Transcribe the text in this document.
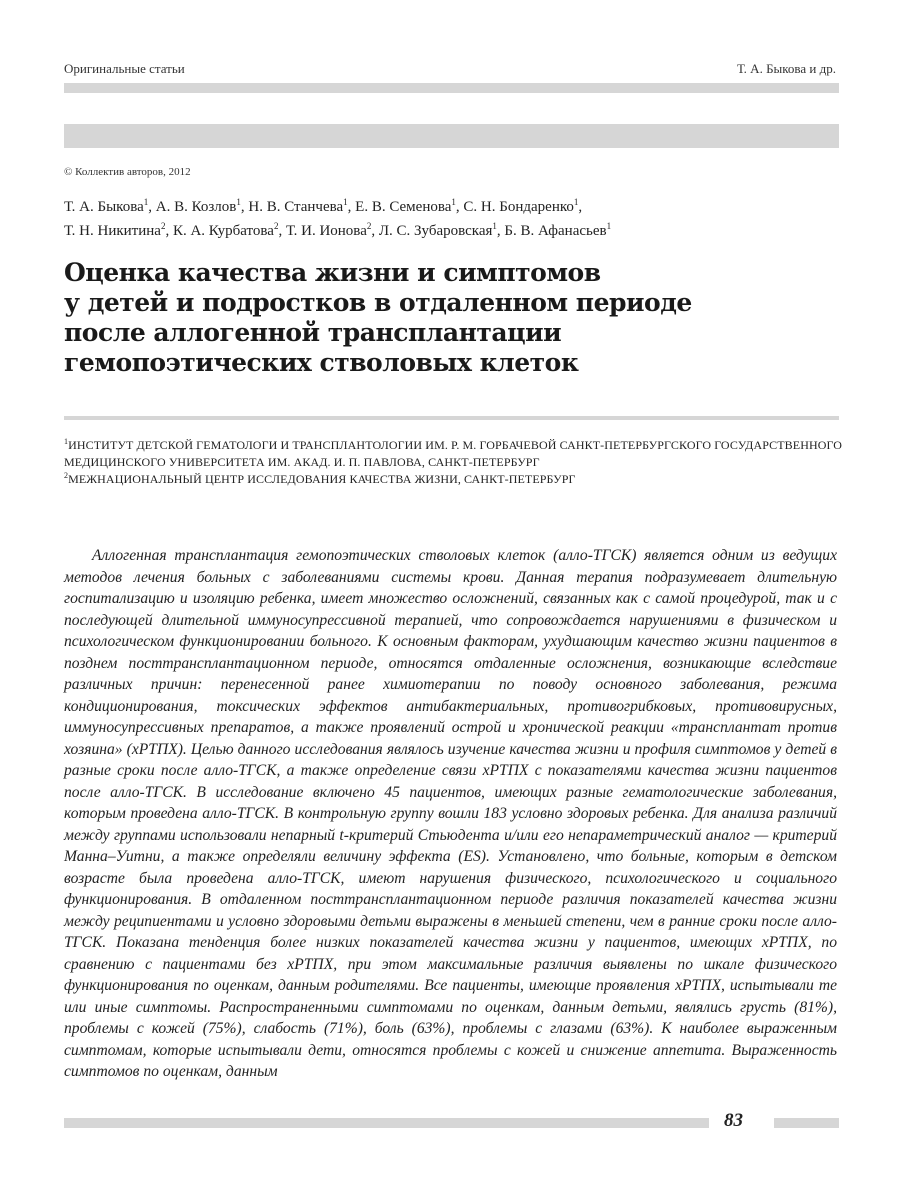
Оригинальные статьи	Т. А. Быкова и др.
© Коллектив авторов, 2012
Т. А. Быкова$^1$, А. В. Козлов$^1$, Н. В. Станчева$^1$, Е. В. Семенова$^1$, С. Н. Бондаренко$^1$,
Т. Н. Никитина$^2$, К. А. Курбатова$^2$, Т. И. Ионова$^2$, Л. С. Зубаровская$^1$, Б. В. Афанасьев$^1$
Оценка качества жизни и симптомов
у детей и подростков в отдаленном периоде
после аллогенной трансплантации
гемопоэтических стволовых клеток
$^1$ИНСТИТУТ ДЕТСКОЙ ГЕМАТОЛОГИ И ТРАНСПЛАНТОЛОГИИ ИМ. Р. М. ГОРБАЧЕВОЙ САНКТ-ПЕТЕРБУРГСКОГО ГОСУДАРСТВЕННОГО МЕДИЦИНСКОГО УНИВЕРСИТЕТА ИМ. АКАД. И. П. ПАВЛОВА, САНКТ-ПЕТЕРБУРГ
$^2$МЕЖНАЦИОНАЛЬНЫЙ ЦЕНТР ИССЛЕДОВАНИЯ КАЧЕСТВА ЖИЗНИ, САНКТ-ПЕТЕРБУРГ

Аллогенная трансплантация гемопоэтических стволовых клеток (алло-ТГСК) является одним из ведущих методов лечения больных с заболеваниями системы крови. Данная терапия подразумевает длительную госпитализацию и изоляцию ребенка, имеет множество осложнений, связанных как с самой процедурой, так и с последующей длительной иммуносупрессивной терапией, что сопровождается нарушениями в физическом и психологическом функционировании больного. К основным факторам, ухудшающим качество жизни пациентов в позднем посттрансплантационном периоде, относятся отдаленные осложнения, возникающие вследствие различных причин: перенесенной ранее химиотерапии по поводу основного заболевания, режима кондиционирования, токсических эффектов антибактериальных, противогрибковых, противовирусных, иммуносупрессивных препаратов, а также проявлений острой и хронической реакции «трансплантат против хозяина» (хРТПХ). Целью данного исследования являлось изучение качества жизни и профиля симптомов у детей в разные сроки после алло-ТГСК, а также определение связи хРТПХ с показателями качества жизни пациентов после алло-ТГСК. В исследование включено 45 пациентов, имеющих разные гематологические заболевания, которым проведена алло-ТГСК. В контрольную группу вошли 183 условно здоровых ребенка. Для анализа различий между группами использовали непарный t-критерий Стьюдента и/или его непараметрический аналог — критерий Манна–Уитни, а также определяли величину эффекта (ES). Установлено, что больные, которым в детском возрасте была проведена алло-ТГСК, имеют нарушения физического, психологического и социального функционирования. В отдаленном посттрансплантационном периоде различия показателей качества жизни между реципиентами и условно здоровыми детьми выражены в меньшей степени, чем в ранние сроки после алло-ТГСК. Показана тенденция более низких показателей качества жизни у пациентов, имеющих хРТПХ, по сравнению с пациентами без хРТПХ, при этом максимальные различия выявлены по шкале физического функционирования по оценкам, данным родителями. Все пациенты, имеющие проявления хРТПХ, испытывали те или иные симптомы. Распространенными симптомами по оценкам, данным детьми, являлись грусть (81%), проблемы с кожей (75%), слабость (71%), боль (63%), проблемы с глазами (63%). К наиболее выраженным симптомам, которые испытывали дети, относятся проблемы с кожей и снижение аппетита. Выраженность симптомов по оценкам, данным

83
